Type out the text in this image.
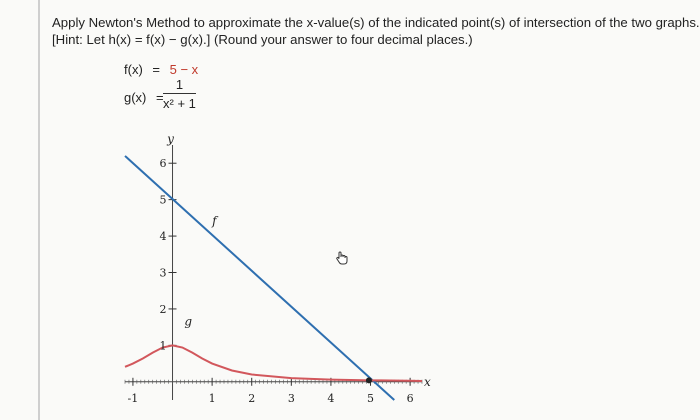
Apply Newton's Method to approximate the x-value(s) of the indicated point(s) of intersection of the two graphs.
[Hint: Let h(x) = f(x) − g(x).] (Round your answer to four decimal places.)
f(x) = 5 − x
$g(x) = \frac{1}{\text{x² + 1}}$
-1	1	2	3	4	5	6
1
2
3
4
5
6
x
y
f
g
